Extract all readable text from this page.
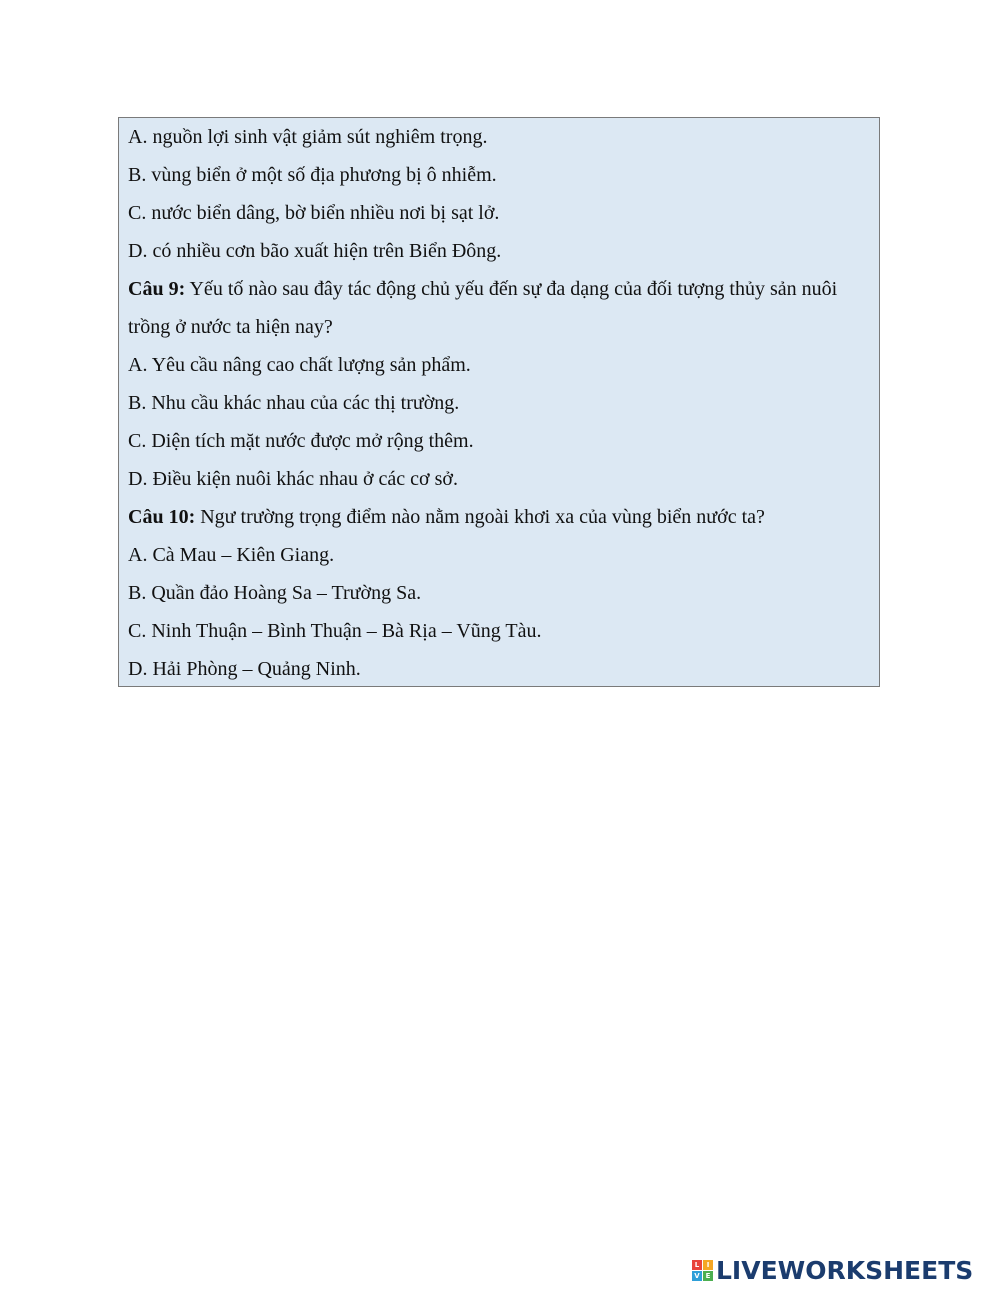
A. nguồn lợi sinh vật giảm sút nghiêm trọng.
B. vùng biển ở một số địa phương bị ô nhiễm.
C. nước biển dâng, bờ biển nhiều nơi bị sạt lở.
D. có nhiều cơn bão xuất hiện trên Biển Đông.
Câu 9: Yếu tố nào sau đây tác động chủ yếu đến sự đa dạng của đối tượng thủy sản nuôi trồng ở nước ta hiện nay?
A. Yêu cầu nâng cao chất lượng sản phẩm.
B. Nhu cầu khác nhau của các thị trường.
C. Diện tích mặt nước được mở rộng thêm.
D. Điều kiện nuôi khác nhau ở các cơ sở.
Câu 10: Ngư trường trọng điểm nào nằm ngoài khơi xa của vùng biển nước ta?
A. Cà Mau – Kiên Giang.
B. Quần đảo Hoàng Sa – Trường Sa.
C. Ninh Thuận – Bình Thuận – Bà Rịa – Vũng Tàu.
D. Hải Phòng – Quảng Ninh.
L	I
V E LIVEWORKSHEETS
